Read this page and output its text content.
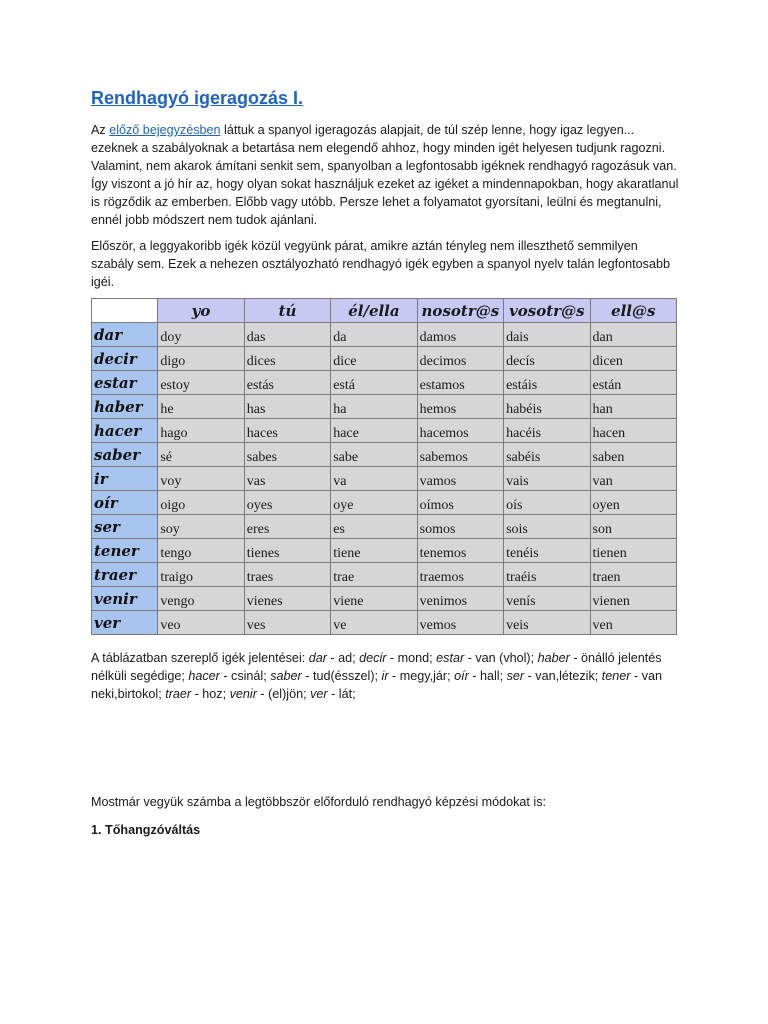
Rendhagyó igeragozás I.

Az előző bejegyzésben láttuk a spanyol igeragozás alapjait, de túl szép lenne, hogy igaz legyen... ezeknek a szabályoknak a betartása nem elegendő ahhoz, hogy minden igét helyesen tudjunk ragozni. Valamint, nem akarok ámítani senkit sem, spanyolban a legfontosabb igéknek rendhagyó ragozásuk van. Így viszont a jó hír az, hogy olyan sokat használjuk ezeket az igéket a mindennapokban, hogy akaratlanul is rögződik az emberben. Előbb vagy utóbb. Persze lehet a folyamatot gyorsítani, leülni és megtanulni, ennél jobb módszert nem tudok ajánlani.

Először, a leggyakoribb igék közül vegyünk párat, amikre aztán tényleg nem illeszthető semmilyen szabály sem. Ezek a nehezen osztályozható rendhagyó igék egyben a spanyol nyelv talán legfontosabb igéi.

	yo	tú	él/ella	nosotr@s	vosotr@s	ell@s
dar	doy	das	da	damos	dais	dan
decir	digo	dices	dice	decimos	decís	dicen
estar	estoy	estás	está	estamos	estáis	están
haber	he	has	ha	hemos	habéis	han
hacer	hago	haces	hace	hacemos	hacéis	hacen
saber	sé	sabes	sabe	sabemos	sabéis	saben
ir	voy	vas	va	vamos	vais	van
oír	oigo	oyes	oye	oímos	oís	oyen
ser	soy	eres	es	somos	sois	son
tener	tengo	tienes	tiene	tenemos	tenéis	tienen
traer	traigo	traes	trae	traemos	traéis	traen
venir	vengo	vienes	viene	venimos	venís	vienen
ver	veo	ves	ve	vemos	veis	ven

A táblázatban szereplő igék jelentései: dar - ad; decir - mond; estar - van (vhol); haber - önálló jelentés nélküli segédige; hacer - csinál; saber - tud(ésszel); ir - megy,jár; oír - hall; ser - van,létezik; tener - van neki,birtokol; traer - hoz; venir - (el)jön; ver - lát;

Mostmár vegyük számba a legtöbbször előforduló rendhagyó képzési módokat is:

1. Tőhangzóváltás
